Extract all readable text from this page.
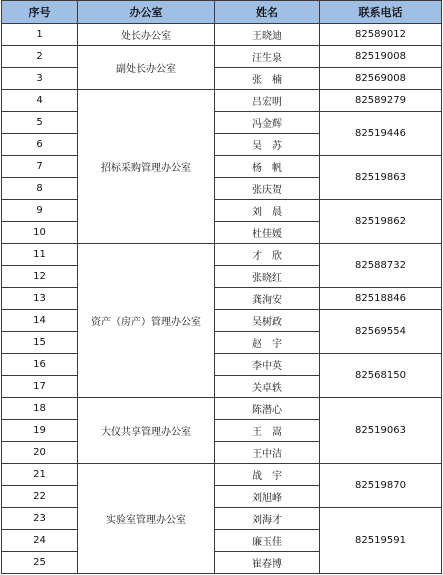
序号	办公室	姓名	联系电话
1	处长办公室	王晓迪	82589012
2	副处长办公室	汪生泉	82519008
3		张　楠	82569008
4	招标采购管理办公室	吕宏明	82589279
5		冯金辉	82519446
6		吴　苏	
7		杨　帆	82519863
8		张庆贺	
9		刘　晨	82519862
10		杜佳媛	
11	资产（房产）管理办公室	才　欣	82588732
12		张晓红	
13		龚洵安	82518846
14		吴树政	82569554
15		赵　宇	
16		李中英	82568150
17		关卓轶	
18	大仪共享管理办公室	陈潜心	82519063
19		王　嵩	
20		王中洁	
21	实验室管理办公室	战　宇	82519870
22		刘旭峰	
23		刘海才	82519591
24		廉玉佳	
25		崔春博	
